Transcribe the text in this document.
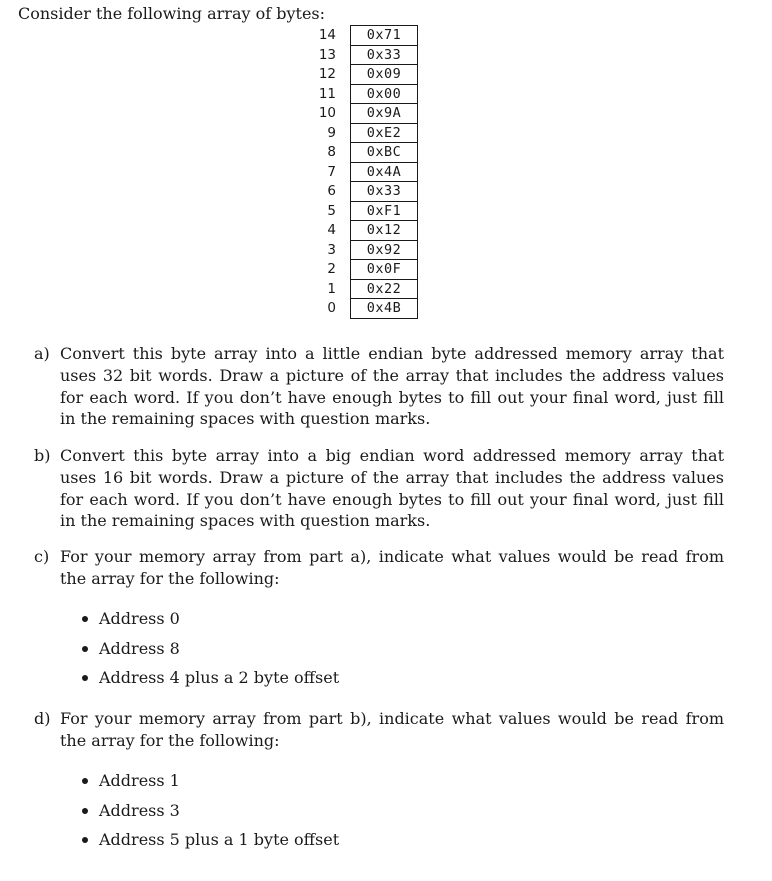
Consider the following array of bytes:

14	0x71
13	0x33
12	0x09
11	0x00
10	0x9A
9	0xE2
8	0xBC
7	0x4A
6	0x33
5	0xF1
4	0x12
3	0x92
2	0x0F
1	0x22
0	0x4B
a) Convert this byte array into a little endian byte addressed memory array that uses 32 bit words. Draw a picture of the array that includes the address values for each word. If you don’t have enough bytes to fill out your final word, just fill in the remaining spaces with question marks.
b) Convert this byte array into a big endian word addressed memory array that uses 16 bit words. Draw a picture of the array that includes the address values for each word. If you don’t have enough bytes to fill out your final word, just fill in the remaining spaces with question marks.
c) For your memory array from part a), indicate what values would be read from the array for the following:
Address 0
Address 8
Address 4 plus a 2 byte offset
d) For your memory array from part b), indicate what values would be read from the array for the following:
Address 1
Address 3
Address 5 plus a 1 byte offset
